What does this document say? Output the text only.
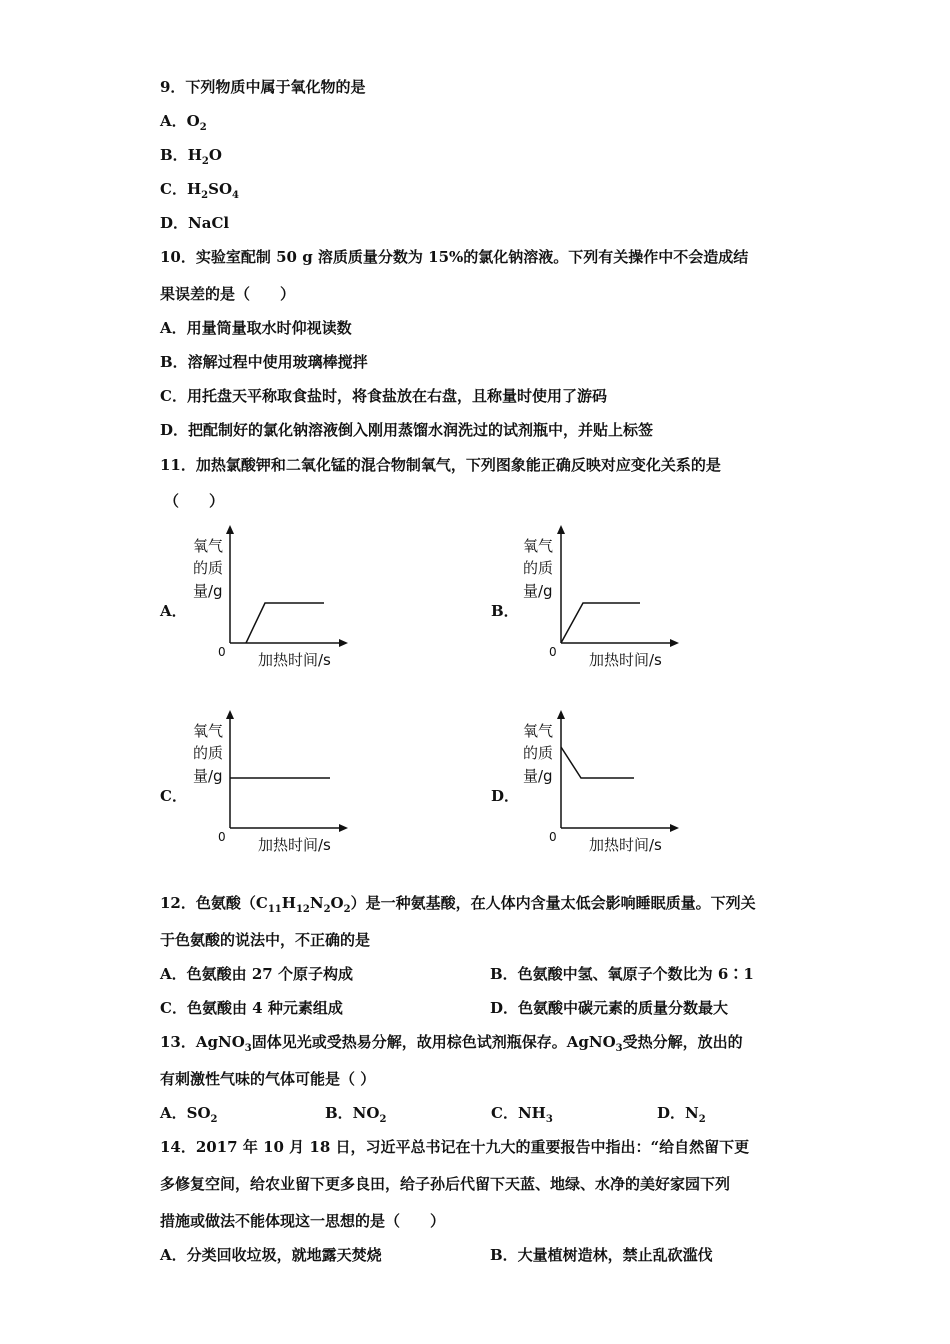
9．下列物质中属于氧化物的是
A．$O_2$
B．$H_2O$
C．$H_2SO_4$
D．NaCl
10．实验室配制 50 g 溶质质量分数为 15%的氯化钠溶液。下列有关操作中不会造成结
果误差的是（　　）
A．用量筒量取水时仰视读数
B．溶解过程中使用玻璃棒搅拌
C．用托盘天平称取食盐时，将食盐放在右盘，且称量时使用了游码
D．把配制好的氯化钠溶液倒入刚用蒸馏水润洗过的试剂瓶中，并贴上标签
11．加热氯酸钾和二氧化锰的混合物制氧气，下列图象能正确反映对应变化关系的是
（　　）
A．	B．
C．	D．
氧气
的质
量/g
0 加热时间/s
氧气
的质
量/g
0 加热时间/s
氧气
的质
量/g
0 加热时间/s
氧气
的质
量/g
0 加热时间/s
12．色氨酸$(C_{11}H_{12}N_2O_2)$是一种氨基酸，在人体内含量太低会影响睡眠质量。下列关
于色氨酸的说法中，不正确的是
A．色氨酸由 27 个原子构成	B．色氨酸中氢、氧原子个数比为 6∶1
C．色氨酸由 4 种元素组成	D．色氨酸中碳元素的质量分数最大
13．AgNO$_3$固体见光或受热易分解，故用棕色试剂瓶保存。AgNO$_3$受热分解，放出的
有刺激性气味的气体可能是（ ）
A．$SO_2$	B．$NO_2$	C．$NH_3$	D．$N_2$
14．2017 年 10 月 18 日，习近平总书记在十九大的重要报告中指出：“给自然留下更
多修复空间，给农业留下更多良田，给子孙后代留下天蓝、地绿、水净的美好家园下列
措施或做法不能体现这一思想的是（　　）
A．分类回收垃圾，就地露天焚烧	B．大量植树造林，禁止乱砍滥伐
